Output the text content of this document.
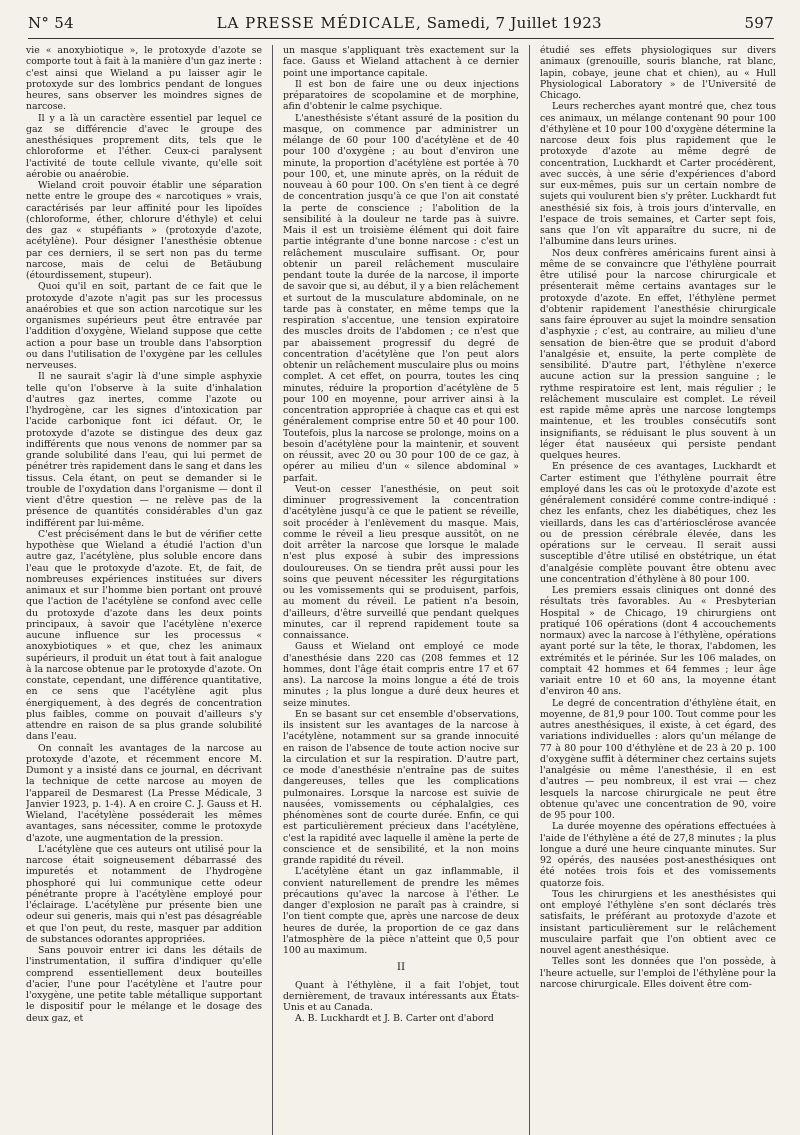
N° 54	LA PRESSE MÉDICALE, Samedi, 7 Juillet 1923	597

vie « anoxybiotique », le protoxyde d'azote se comporte tout à fait à la manière d'un gaz inerte : c'est ainsi que Wieland a pu laisser agir le protoxyde sur des lombrics pendant de longues heures, sans observer les moindres signes de narcose.

Il y a là un caractère essentiel par lequel ce gaz se différencie d'avec le groupe des anesthésiques proprement dits, tels que le chloroforme et l'éther. Ceux-ci paralysent l'activité de toute cellule vivante, qu'elle soit aérobie ou anaérobie.

Wieland croit pouvoir établir une séparation nette entre le groupe des « narcotiques » vrais, caractérisés par leur affinité pour les lipoïdes (chloroforme, éther, chlorure d'éthyle) et celui des gaz « stupéfiants » (protoxyde d'azote, acétylène). Pour désigner l'anesthésie obtenue par ces derniers, il se sert non pas du terme narcose, mais de celui de Betäubung (étourdissement, stupeur).

Quoi qu'il en soit, partant de ce fait que le protoxyde d'azote n'agit pas sur les processus anaérobies et que son action narcotique sur les organismes supérieurs peut être entravée par l'addition d'oxygène, Wieland suppose que cette action a pour base un trouble dans l'absorption ou dans l'utilisation de l'oxygène par les cellules nerveuses.

Il ne saurait s'agir là d'une simple asphyxie telle qu'on l'observe à la suite d'inhalation d'autres gaz inertes, comme l'azote ou l'hydrogène, car les signes d'intoxication par l'acide carbonique font ici défaut. Or, le protoxyde d'azote se distingue des deux gaz indifférents que nous venons de nommer par sa grande solubilité dans l'eau, qui lui permet de pénétrer très rapidement dans le sang et dans les tissus. Cela étant, on peut se demander si le trouble de l'oxydation dans l'organisme — dont il vient d'être question — ne relève pas de la présence de quantités considérables d'un gaz indifférent par lui-même.

C'est précisément dans le but de vérifier cette hypothèse que Wieland a étudié l'action d'un autre gaz, l'acétylène, plus soluble encore dans l'eau que le protoxyde d'azote. Et, de fait, de nombreuses expériences instituées sur divers animaux et sur l'homme bien portant ont prouvé que l'action de l'acétylène se confond avec celle du protoxyde d'azote dans les deux points principaux, à savoir que l'acétylène n'exerce aucune influence sur les processus « anoxybiotiques » et que, chez les animaux supérieurs, il produit un état tout à fait analogue à la narcose obtenue par le protoxyde d'azote. On constate, cependant, une différence quantitative, en ce sens que l'acétylène agit plus énergiquement, à des degrés de concentration plus faibles, comme on pouvait d'ailleurs s'y attendre en raison de sa plus grande solubilité dans l'eau.

On connaît les avantages de la narcose au protoxyde d'azote, et récemment encore M. Dumont y a insisté dans ce journal, en décrivant la technique de cette narcose au moyen de l'appareil de Desmarest (La Presse Médicale, 3 Janvier 1923, p. 1-4). A en croire C. J. Gauss et H. Wieland, l'acétylène posséderait les mêmes avantages, sans nécessiter, comme le protoxyde d'azote, une augmentation de la pression.

L'acétylène que ces auteurs ont utilisé pour la narcose était soigneusement débarrassé des impuretés et notamment de l'hydrogène phosphoré qui lui communique cette odeur pénétrante propre à l'acétylène employé pour l'éclairage. L'acétylène pur présente bien une odeur sui generis, mais qui n'est pas désagréable et que l'on peut, du reste, masquer par addition de substances odorantes appropriées.

Sans pouvoir entrer ici dans les détails de l'instrumentation, il suffira d'indiquer qu'elle comprend essentiellement deux bouteilles d'acier, l'une pour l'acétylène et l'autre pour l'oxygène, une petite table métallique supportant le dispositif pour le mélange et le dosage des deux gaz, et

un masque s'appliquant très exactement sur la face. Gauss et Wieland attachent à ce dernier point une importance capitale.

Il est bon de faire une ou deux injections préparatoires de scopolamine et de morphine, afin d'obtenir le calme psychique.

L'anesthésiste s'étant assuré de la position du masque, on commence par administrer un mélange de 60 pour 100 d'acétylène et de 40 pour 100 d'oxygène ; au bout d'environ une minute, la proportion d'acétylène est portée à 70 pour 100, et, une minute après, on la réduit de nouveau à 60 pour 100. On s'en tient à ce degré de concentration jusqu'à ce que l'on ait constaté la perte de conscience ; l'abolition de la sensibilité à la douleur ne tarde pas à suivre. Mais il est un troisième élément qui doit faire partie intégrante d'une bonne narcose : c'est un relâchement musculaire suffisant. Or, pour obtenir un pareil relâchement musculaire pendant toute la durée de la narcose, il importe de savoir que si, au début, il y a bien relâchement et surtout de la musculature abdominale, on ne tarde pas à constater, en même temps que la respiration s'accentue, une tension expiratoire des muscles droits de l'abdomen ; ce n'est que par abaissement progressif du degré de concentration d'acétylène que l'on peut alors obtenir un relâchement musculaire plus ou moins complet. A cet effet, on pourra, toutes les cinq minutes, réduire la proportion d'acétylène de 5 pour 100 en moyenne, pour arriver ainsi à la concentration appropriée à chaque cas et qui est généralement comprise entre 50 et 40 pour 100. Toutefois, plus la narcose se prolonge, moins on a besoin d'acétylène pour la maintenir, et souvent on réussit, avec 20 ou 30 pour 100 de ce gaz, à opérer au milieu d'un « silence abdominal » parfait.

Veut-on cesser l'anesthésie, on peut soit diminuer progressivement la concentration d'acétylène jusqu'à ce que le patient se réveille, soit procéder à l'enlèvement du masque. Mais, comme le réveil a lieu presque aussitôt, on ne doit arrêter la narcose que lorsque le malade n'est plus exposé à subir des impressions douloureuses. On se tiendra prêt aussi pour les soins que peuvent nécessiter les régurgitations ou les vomissements qui se produisent, parfois, au moment du réveil. Le patient n'a besoin, d'ailleurs, d'être surveillé que pendant quelques minutes, car il reprend rapidement toute sa connaissance.

Gauss et Wieland ont employé ce mode d'anesthésie dans 220 cas (208 femmes et 12 hommes, dont l'âge était compris entre 17 et 67 ans). La narcose la moins longue a été de trois minutes ; la plus longue a duré deux heures et seize minutes.

En se basant sur cet ensemble d'observations, ils insistent sur les avantages de la narcose à l'acétylène, notamment sur sa grande innocuité en raison de l'absence de toute action nocive sur la circulation et sur la respiration. D'autre part, ce mode d'anesthésie n'entraîne pas de suites dangereuses, telles que les complications pulmonaires. Lorsque la narcose est suivie de nausées, vomissements ou céphalalgies, ces phénomènes sont de courte durée. Enfin, ce qui est particulièrement précieux dans l'acétylène, c'est la rapidité avec laquelle il amène la perte de conscience et de sensibilité, et la non moins grande rapidité du réveil.

L'acétylène étant un gaz inflammable, il convient naturellement de prendre les mêmes précautions qu'avec la narcose à l'éther. Le danger d'explosion ne paraît pas à craindre, si l'on tient compte que, après une narcose de deux heures de durée, la proportion de ce gaz dans l'atmosphère de la pièce n'atteint que 0,5 pour 100 au maximum.

II

Quant à l'éthylène, il a fait l'objet, tout dernièrement, de travaux intéressants aux États-Unis et au Canada.

A. B. Luckhardt et J. B. Carter ont d'abord

étudié ses effets physiologiques sur divers animaux (grenouille, souris blanche, rat blanc, lapin, cobaye, jeune chat et chien), au « Hull Physiological Laboratory » de l'Université de Chicago.

Leurs recherches ayant montré que, chez tous ces animaux, un mélange contenant 90 pour 100 d'éthylène et 10 pour 100 d'oxygène détermine la narcose deux fois plus rapidement que le protoxyde d'azote au même degré de concentration, Luckhardt et Carter procédèrent, avec succès, à une série d'expériences d'abord sur eux-mêmes, puis sur un certain nombre de sujets qui voulurent bien s'y prêter. Luckhardt fut anesthésié six fois, à trois jours d'intervalle, en l'espace de trois semaines, et Carter sept fois, sans que l'on vît apparaître du sucre, ni de l'albumine dans leurs urines.

Nos deux confrères américains furent ainsi à même de se convaincre que l'éthylène pourrait être utilisé pour la narcose chirurgicale et présenterait même certains avantages sur le protoxyde d'azote. En effet, l'éthylène permet d'obtenir rapidement l'anesthésie chirurgicale sans faire éprouver au sujet la moindre sensation d'asphyxie ; c'est, au contraire, au milieu d'une sensation de bien-être que se produit d'abord l'analgésie et, ensuite, la perte complète de sensibilité. D'autre part, l'éthylène n'exerce aucune action sur la pression sanguine ; le rythme respiratoire est lent, mais régulier ; le relâchement musculaire est complet. Le réveil est rapide même après une narcose longtemps maintenue, et les troubles consécutifs sont insignifiants, se réduisant le plus souvent à un léger état nauséeux qui persiste pendant quelques heures.

En présence de ces avantages, Luckhardt et Carter estiment que l'éthylène pourrait être employé dans les cas où le protoxyde d'azote est généralement considéré comme contre-indiqué : chez les enfants, chez les diabétiques, chez les vieillards, dans les cas d'artériosclérose avancée ou de pression cérébrale élevée, dans les opérations sur le cerveau. Il serait aussi susceptible d'être utilisé en obstétrique, un état d'analgésie complète pouvant être obtenu avec une concentration d'éthylène à 80 pour 100.

Les premiers essais cliniques ont donné des résultats très favorables. Au « Presbyterian Hospital » de Chicago, 19 chirurgiens ont pratiqué 106 opérations (dont 4 accouchements normaux) avec la narcose à l'éthylène, opérations ayant porté sur la tête, le thorax, l'abdomen, les extrémités et le périnée. Sur les 106 malades, on comptait 42 hommes et 64 femmes ; leur âge variait entre 10 et 60 ans, la moyenne étant d'environ 40 ans.

Le degré de concentration d'éthylène était, en moyenne, de 81,9 pour 100. Tout comme pour les autres anesthésiques, il existe, à cet égard, des variations individuelles : alors qu'un mélange de 77 à 80 pour 100 d'éthylène et de 23 à 20 p. 100 d'oxygène suffit à déterminer chez certains sujets l'analgésie ou même l'anesthésie, il en est d'autres — peu nombreux, il est vrai — chez lesquels la narcose chirurgicale ne peut être obtenue qu'avec une concentration de 90, voire de 95 pour 100.

La durée moyenne des opérations effectuées à l'aide de l'éthylène a été de 27,8 minutes ; la plus longue a duré une heure cinquante minutes. Sur 92 opérés, des nausées post-anesthésiques ont été notées trois fois et des vomissements quatorze fois.

Tous les chirurgiens et les anesthésistes qui ont employé l'éthylène s'en sont déclarés très satisfaits, le préférant au protoxyde d'azote et insistant particulièrement sur le relâchement musculaire parfait que l'on obtient avec ce nouvel agent anesthésique.

Telles sont les données que l'on possède, à l'heure actuelle, sur l'emploi de l'éthylène pour la narcose chirurgicale. Elles doivent être com-
